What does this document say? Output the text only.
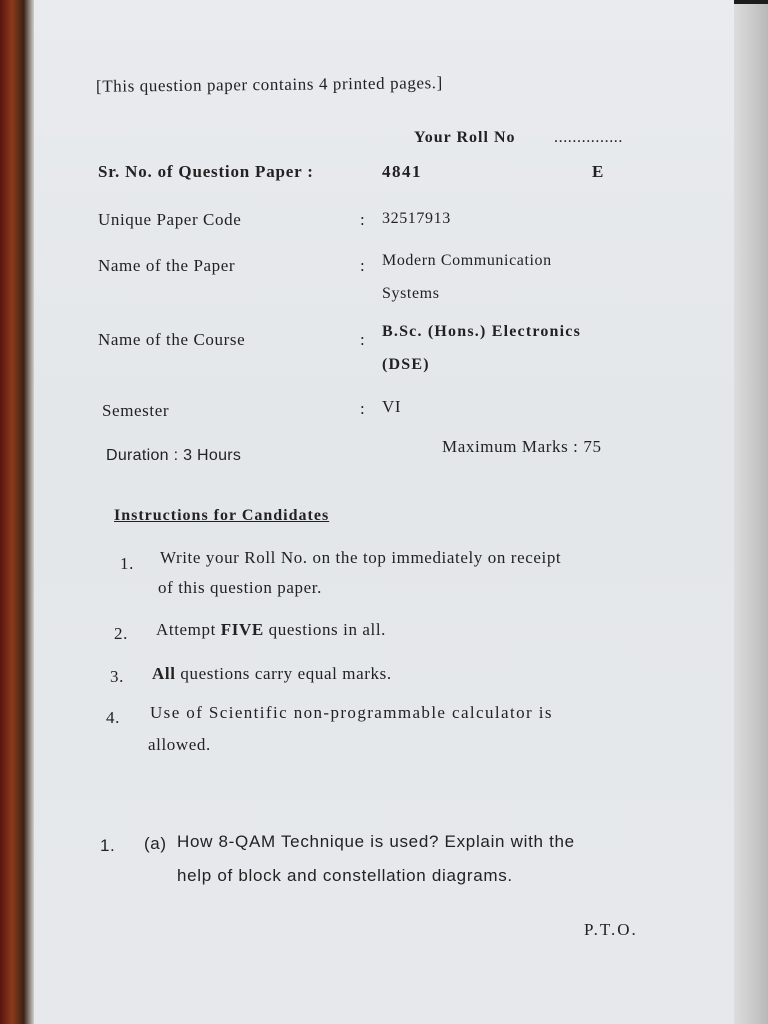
[This question paper contains 4 printed pages.]
Your Roll No ...............
Sr. No. of Question Paper :	4841	E
Unique Paper Code	: 32517913
Name of the Paper	: Modern Communication
Systems
Name of the Course	: B.Sc. (Hons.) Electronics
(DSE)
Semester	: VI
Duration : 3 Hours	Maximum Marks : 75
Instructions for Candidates
1. Write your Roll No. on the top immediately on receipt
of this question paper.
2. Attempt FIVE questions in all.
3. All questions carry equal marks.
4. Use of Scientific non-programmable calculator is
allowed.
1. (a) How 8-QAM Technique is used? Explain with the
help of block and constellation diagrams.
P.T.O.
